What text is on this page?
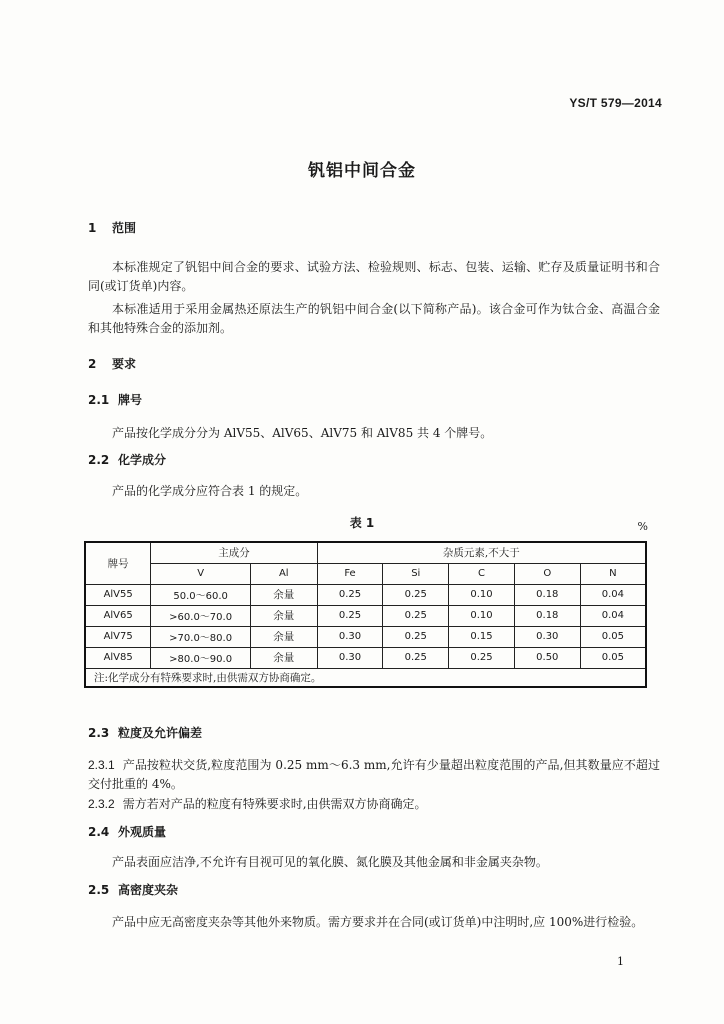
YS/T 579—2014
钒铝中间合金
1 范围
本标准规定了钒铝中间合金的要求、试验方法、检验规则、标志、包装、运输、贮存及质量证明书和合同(或订货单)内容。
本标准适用于采用金属热还原法生产的钒铝中间合金(以下简称产品)。该合金可作为钛合金、高温合金和其他特殊合金的添加剂。
2 要求
2.1 牌号
产品按化学成分分为 AlV55、AlV65、AlV75 和 AlV85 共 4 个牌号。
2.2 化学成分
产品的化学成分应符合表 1 的规定。
表 1	%
牌号	主成分		杂质元素,不大于				
	V	Al	Fe	Si	C	O	N
AlV55	50.0～60.0	余量	0.25	0.25	0.10	0.18	0.04
AlV65	>60.0～70.0	余量	0.25	0.25	0.10	0.18	0.04
AlV75	>70.0～80.0	余量	0.30	0.25	0.15	0.30	0.05
AlV85	>80.0～90.0	余量	0.30	0.25	0.25	0.50	0.05
注:化学成分有特殊要求时,由供需双方协商确定。							
2.3 粒度及允许偏差
2.3.1 产品按粒状交货,粒度范围为 0.25 mm～6.3 mm,允许有少量超出粒度范围的产品,但其数量应不超过交付批重的 4%。
2.3.2 需方若对产品的粒度有特殊要求时,由供需双方协商确定。
2.4 外观质量
产品表面应洁净,不允许有目视可见的氧化膜、氮化膜及其他金属和非金属夹杂物。
2.5 高密度夹杂
产品中应无高密度夹杂等其他外来物质。需方要求并在合同(或订货单)中注明时,应 100%进行检验。
1
